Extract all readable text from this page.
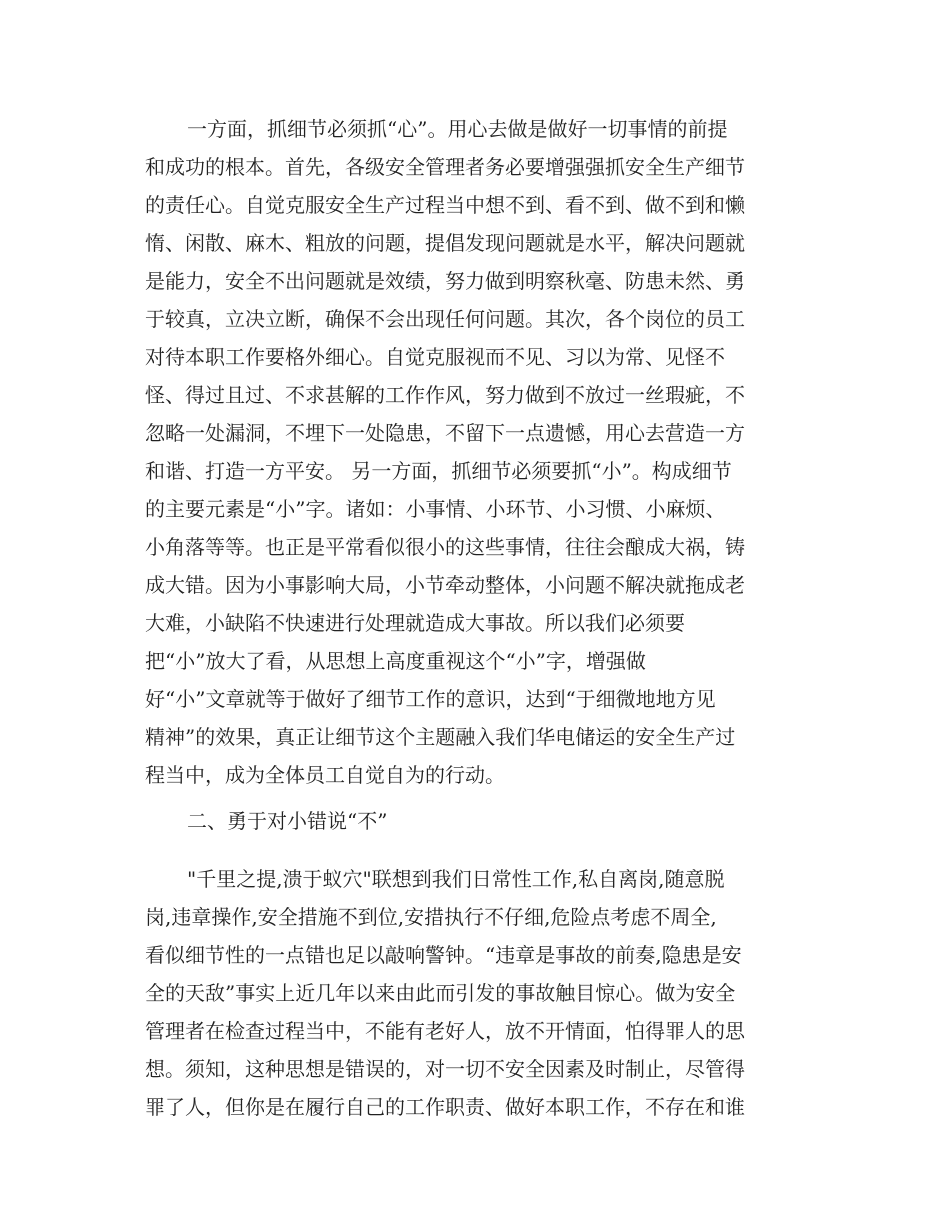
一方面，抓细节必须抓“心”。用心去做是做好一切事情的前提
和成功的根本。首先，各级安全管理者务必要增强强抓安全生产细节
的责任心。自觉克服安全生产过程当中想不到、看不到、做不到和懒
惰、闲散、麻木、粗放的问题，提倡发现问题就是水平，解决问题就
是能力，安全不出问题就是效绩，努力做到明察秋毫、防患未然、勇
于较真，立决立断，确保不会出现任何问题。其次，各个岗位的员工
对待本职工作要格外细心。自觉克服视而不见、习以为常、见怪不
怪、得过且过、不求甚解的工作作风，努力做到不放过一丝瑕疵，不
忽略一处漏洞，不埋下一处隐患，不留下一点遗憾，用心去营造一方
和谐、打造一方平安。 另一方面，抓细节必须要抓“小”。构成细节
的主要元素是“小”字。诸如：小事情、小环节、小习惯、小麻烦、
小角落等等。也正是平常看似很小的这些事情，往往会酿成大祸，铸
成大错。因为小事影响大局，小节牵动整体，小问题不解决就拖成老
大难，小缺陷不快速进行处理就造成大事故。所以我们必须要
把“小”放大了看，从思想上高度重视这个“小”字，增强做
好“小”文章就等于做好了细节工作的意识，达到“于细微地地方见
精神”的效果，真正让细节这个主题融入我们华电储运的安全生产过
程当中，成为全体员工自觉自为的行动。
二、勇于对小错说“不”
"千里之提,溃于蚁穴"联想到我们日常性工作,私自离岗,随意脱
岗,违章操作,安全措施不到位,安措执行不仔细,危险点考虑不周全,
看似细节性的一点错也足以敲响警钟。“违章是事故的前奏,隐患是安
全的天敌”事实上近几年以来由此而引发的事故触目惊心。做为安全
管理者在检查过程当中，不能有老好人，放不开情面，怕得罪人的思
想。须知，这种思想是错误的，对一切不安全因素及时制止，尽管得
罪了人，但你是在履行自己的工作职责、做好本职工作，不存在和谁
